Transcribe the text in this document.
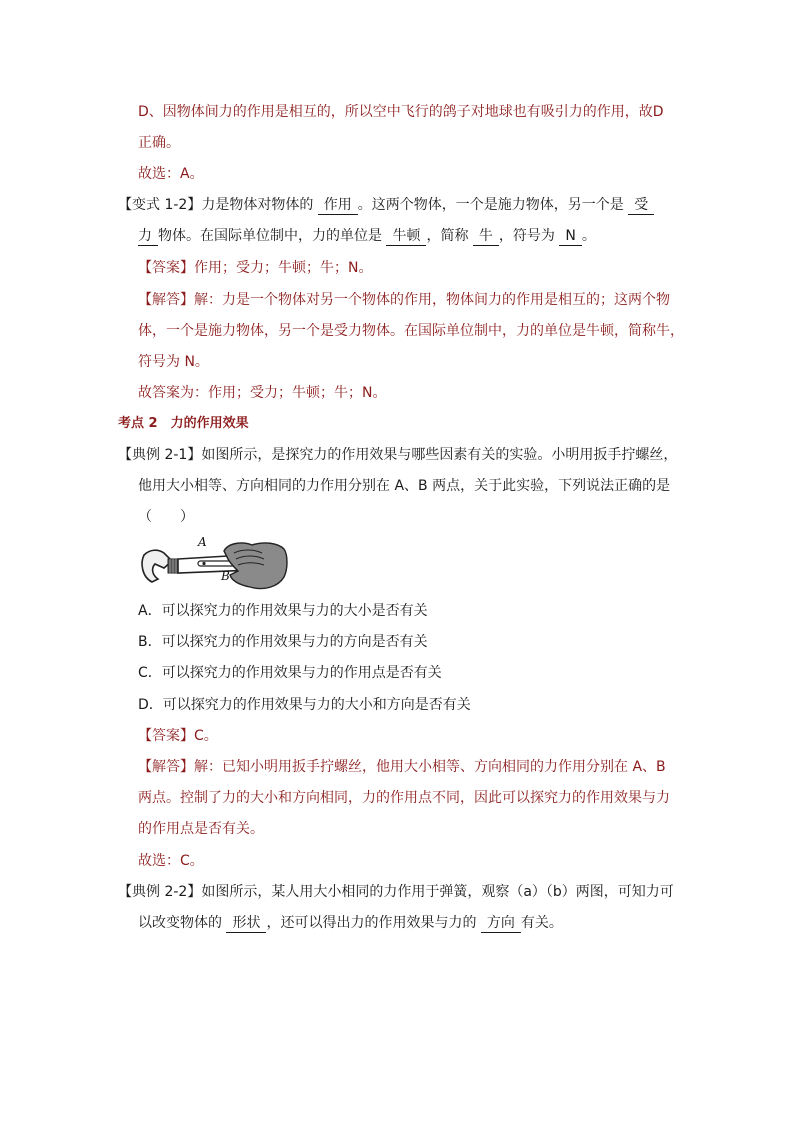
D、因物体间力的作用是相互的，所以空中飞行的鸽子对地球也有吸引力的作用，故D
正确。
故选：A。
【变式 1-2】力是物体对物体的 作用 。这两个物体，一个是施力物体，另一个是 受
力 物体。在国际单位制中，力的单位是 牛顿 ，简称 牛 ，符号为 N 。
【答案】作用；受力；牛顿；牛；N。
【解答】解：力是一个物体对另一个物体的作用，物体间力的作用是相互的；这两个物
体，一个是施力物体，另一个是受力物体。在国际单位制中，力的单位是牛顿，简称牛，
符号为 N。
故答案为：作用；受力；牛顿；牛；N。
考点 2　力的作用效果
【典例 2-1】如图所示，是探究力的作用效果与哪些因素有关的实验。小明用扳手拧螺丝，
他用大小相等、方向相同的力作用分别在 A、B 两点，关于此实验，下列说法正确的是
（　　）
A
B
A．可以探究力的作用效果与力的大小是否有关
B．可以探究力的作用效果与力的方向是否有关
C．可以探究力的作用效果与力的作用点是否有关
D．可以探究力的作用效果与力的大小和方向是否有关
【答案】C。
【解答】解：已知小明用扳手拧螺丝，他用大小相等、方向相同的力作用分别在 A、B
两点。控制了力的大小和方向相同，力的作用点不同，因此可以探究力的作用效果与力
的作用点是否有关。
故选：C。
【典例 2-2】如图所示，某人用大小相同的力作用于弹簧，观察（a）（b）两图，可知力可
以改变物体的 形状 ，还可以得出力的作用效果与力的 方向 有关。
